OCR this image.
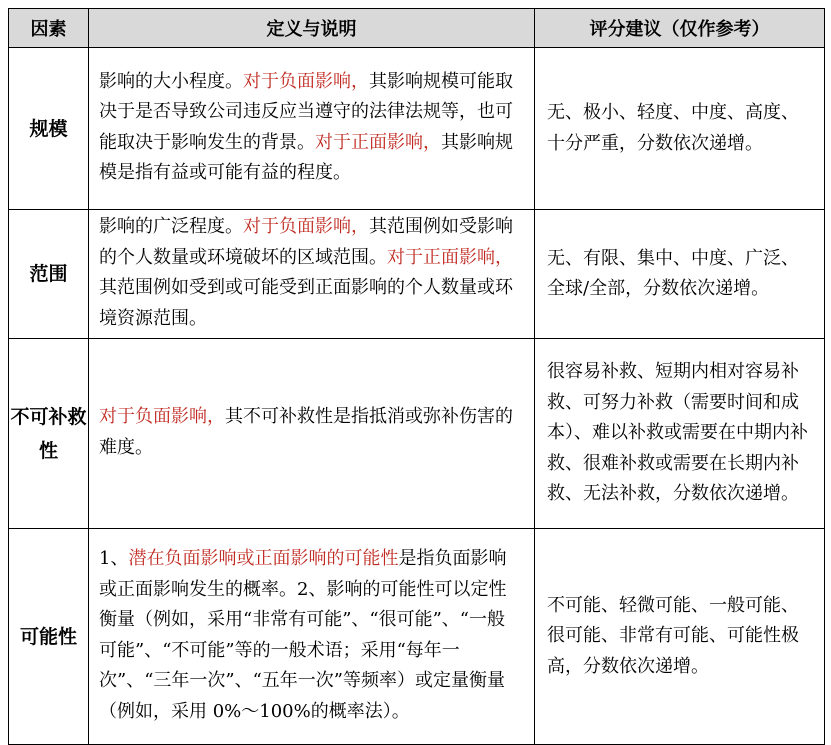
因素	定义与说明	评分建议（仅作参考）
规模	影响的大小程度。对于负面影响，其影响规模可能取决于是否导致公司违反应当遵守的法律法规等，也可能取决于影响发生的背景。对于正面影响，其影响规模是指有益或可能有益的程度。	无、极小、轻度、中度、高度、十分严重，分数依次递增。
范围	影响的广泛程度。对于负面影响，其范围例如受影响的个人数量或环境破坏的区域范围。对于正面影响，其范围例如受到或可能受到正面影响的个人数量或环境资源范围。	无、有限、集中、中度、广泛、全球/全部，分数依次递增。
不可补救性	对于负面影响，其不可补救性是指抵消或弥补伤害的难度。	很容易补救、短期内相对容易补救、可努力补救（需要时间和成本）、难以补救或需要在中期内补救、很难补救或需要在长期内补救、无法补救，分数依次递增。
可能性	1、潜在负面影响或正面影响的可能性是指负面影响或正面影响发生的概率。2、影响的可能性可以定性衡量（例如，采用“非常有可能”、“很可能”、“一般可能”、“不可能”等的一般术语；采用“每年一次”、“三年一次”、“五年一次”等频率）或定量衡量（例如，采用 0%～100%的概率法）。	不可能、轻微可能、一般可能、很可能、非常有可能、可能性极高，分数依次递增。
